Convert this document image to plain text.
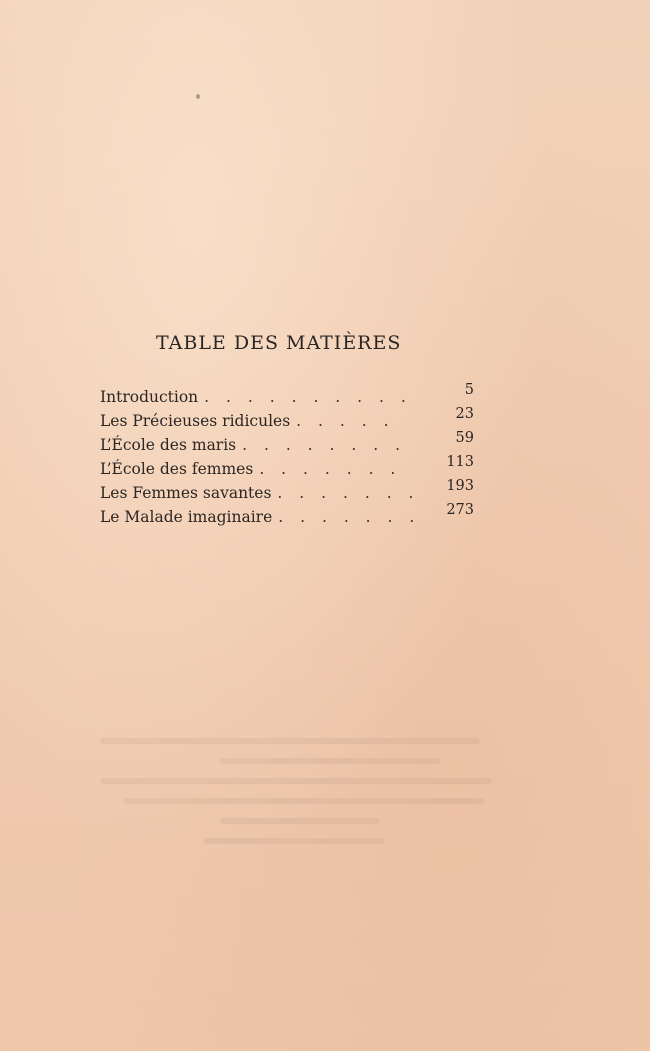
TABLE DES MATIÈRES
Introduction . . . . . . . . . .	5
Les Précieuses ridicules . . . . .	23
L’École des maris . . . . . . . .	59
L’École des femmes . . . . . . .	113
Les Femmes savantes . . . . . . .	193
Le Malade imaginaire . . . . . . .	273
